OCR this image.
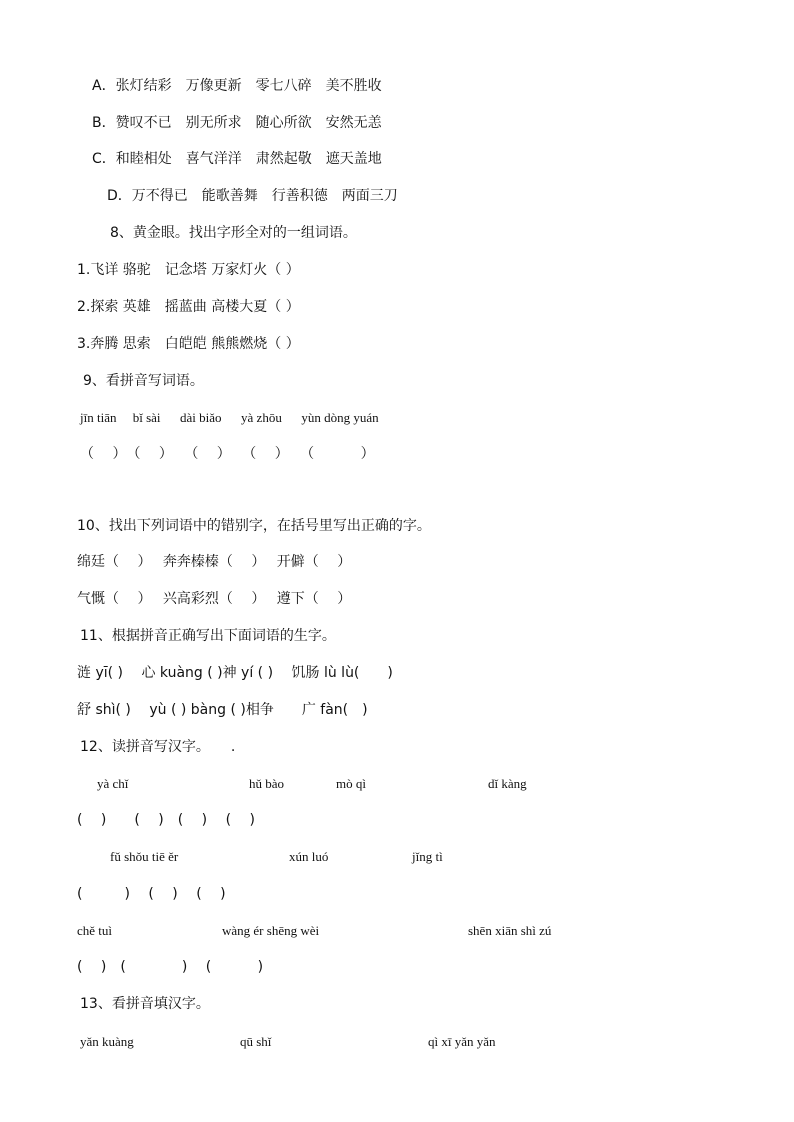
A．张灯结彩　万像更新　零七八碎　美不胜收
B．赞叹不已　别无所求　随心所欲　安然无恙
C．和睦相处　喜气洋洋　肃然起敬　遮天盖地
D．万不得已　能歌善舞　行善积德　两面三刀
8、黄金眼。找出字形全对的一组词语。
1.飞详 骆驼　记念塔 万家灯火（ ）
2.探索 英雄　摇蓝曲 高楼大夏（ ）
3.奔腾 思索　白皑皑 熊熊燃烧（ ）
9、看拼音写词语。
jīn tiān　 bǐ sài 　 dài biǎo 　 yà zhōu 　 yùn dòng yuán
（　 ）　（　 ）　 （　 ）　 （　 ）　 （　　　 ）
10、找出下列词语中的错别字，在括号里写出正确的字。
绵廷（　 ）　 奔奔榛榛（　 ）　 开僻（　 ）
气慨（　 ）　 兴高彩烈（　 ）　 遵下（　 ）
11、根据拼音正确写出下面词语的生字。
涟 yī( )　 心 kuàng ( )神 yí ( )　 饥肠 lù lù(　　)
舒 shì( )　 yù ( ) bàng ( )相争　　广 fàn(　)
12、读拼音写汉字。　　.
yà chǐ	hǔ bào	mò qì	dǐ kàng
(　 )　　(　 )　(　 )　 (　 )
fǔ shǒu tiē ěr	xún luó	jǐng tì
(　　　)　 (　 )　 (　 )
chě tuì	wàng ér shēng wèi	shēn xiān shì zú
(　 )　(　　　　)　 (　　　 )
13、看拼音填汉字。
yǎn kuàng	qū shǐ	qì xī yǎn yǎn
